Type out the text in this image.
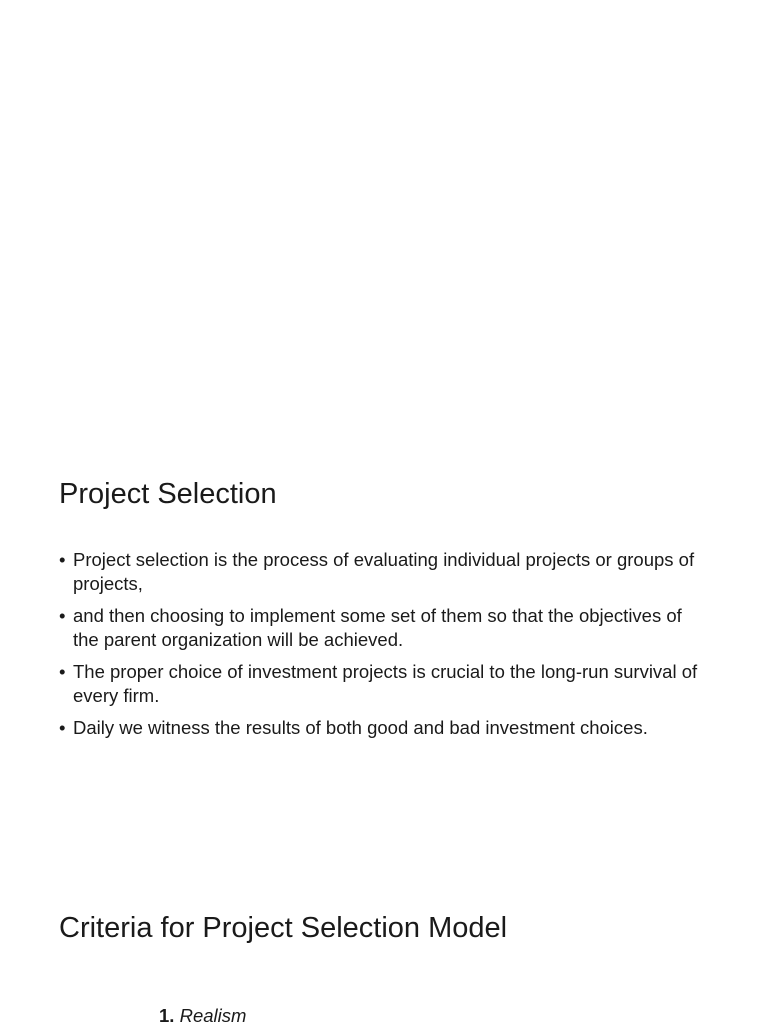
Project Selection
• Project selection is the process of evaluating individual projects or groups of projects,
• and then choosing to implement some set of them so that the objectives of the parent organization will be achieved.
• The proper choice of investment projects is crucial to the long-run survival of every firm.
• Daily we witness the results of both good and bad investment choices.
Criteria for Project Selection Model
1. Realism
